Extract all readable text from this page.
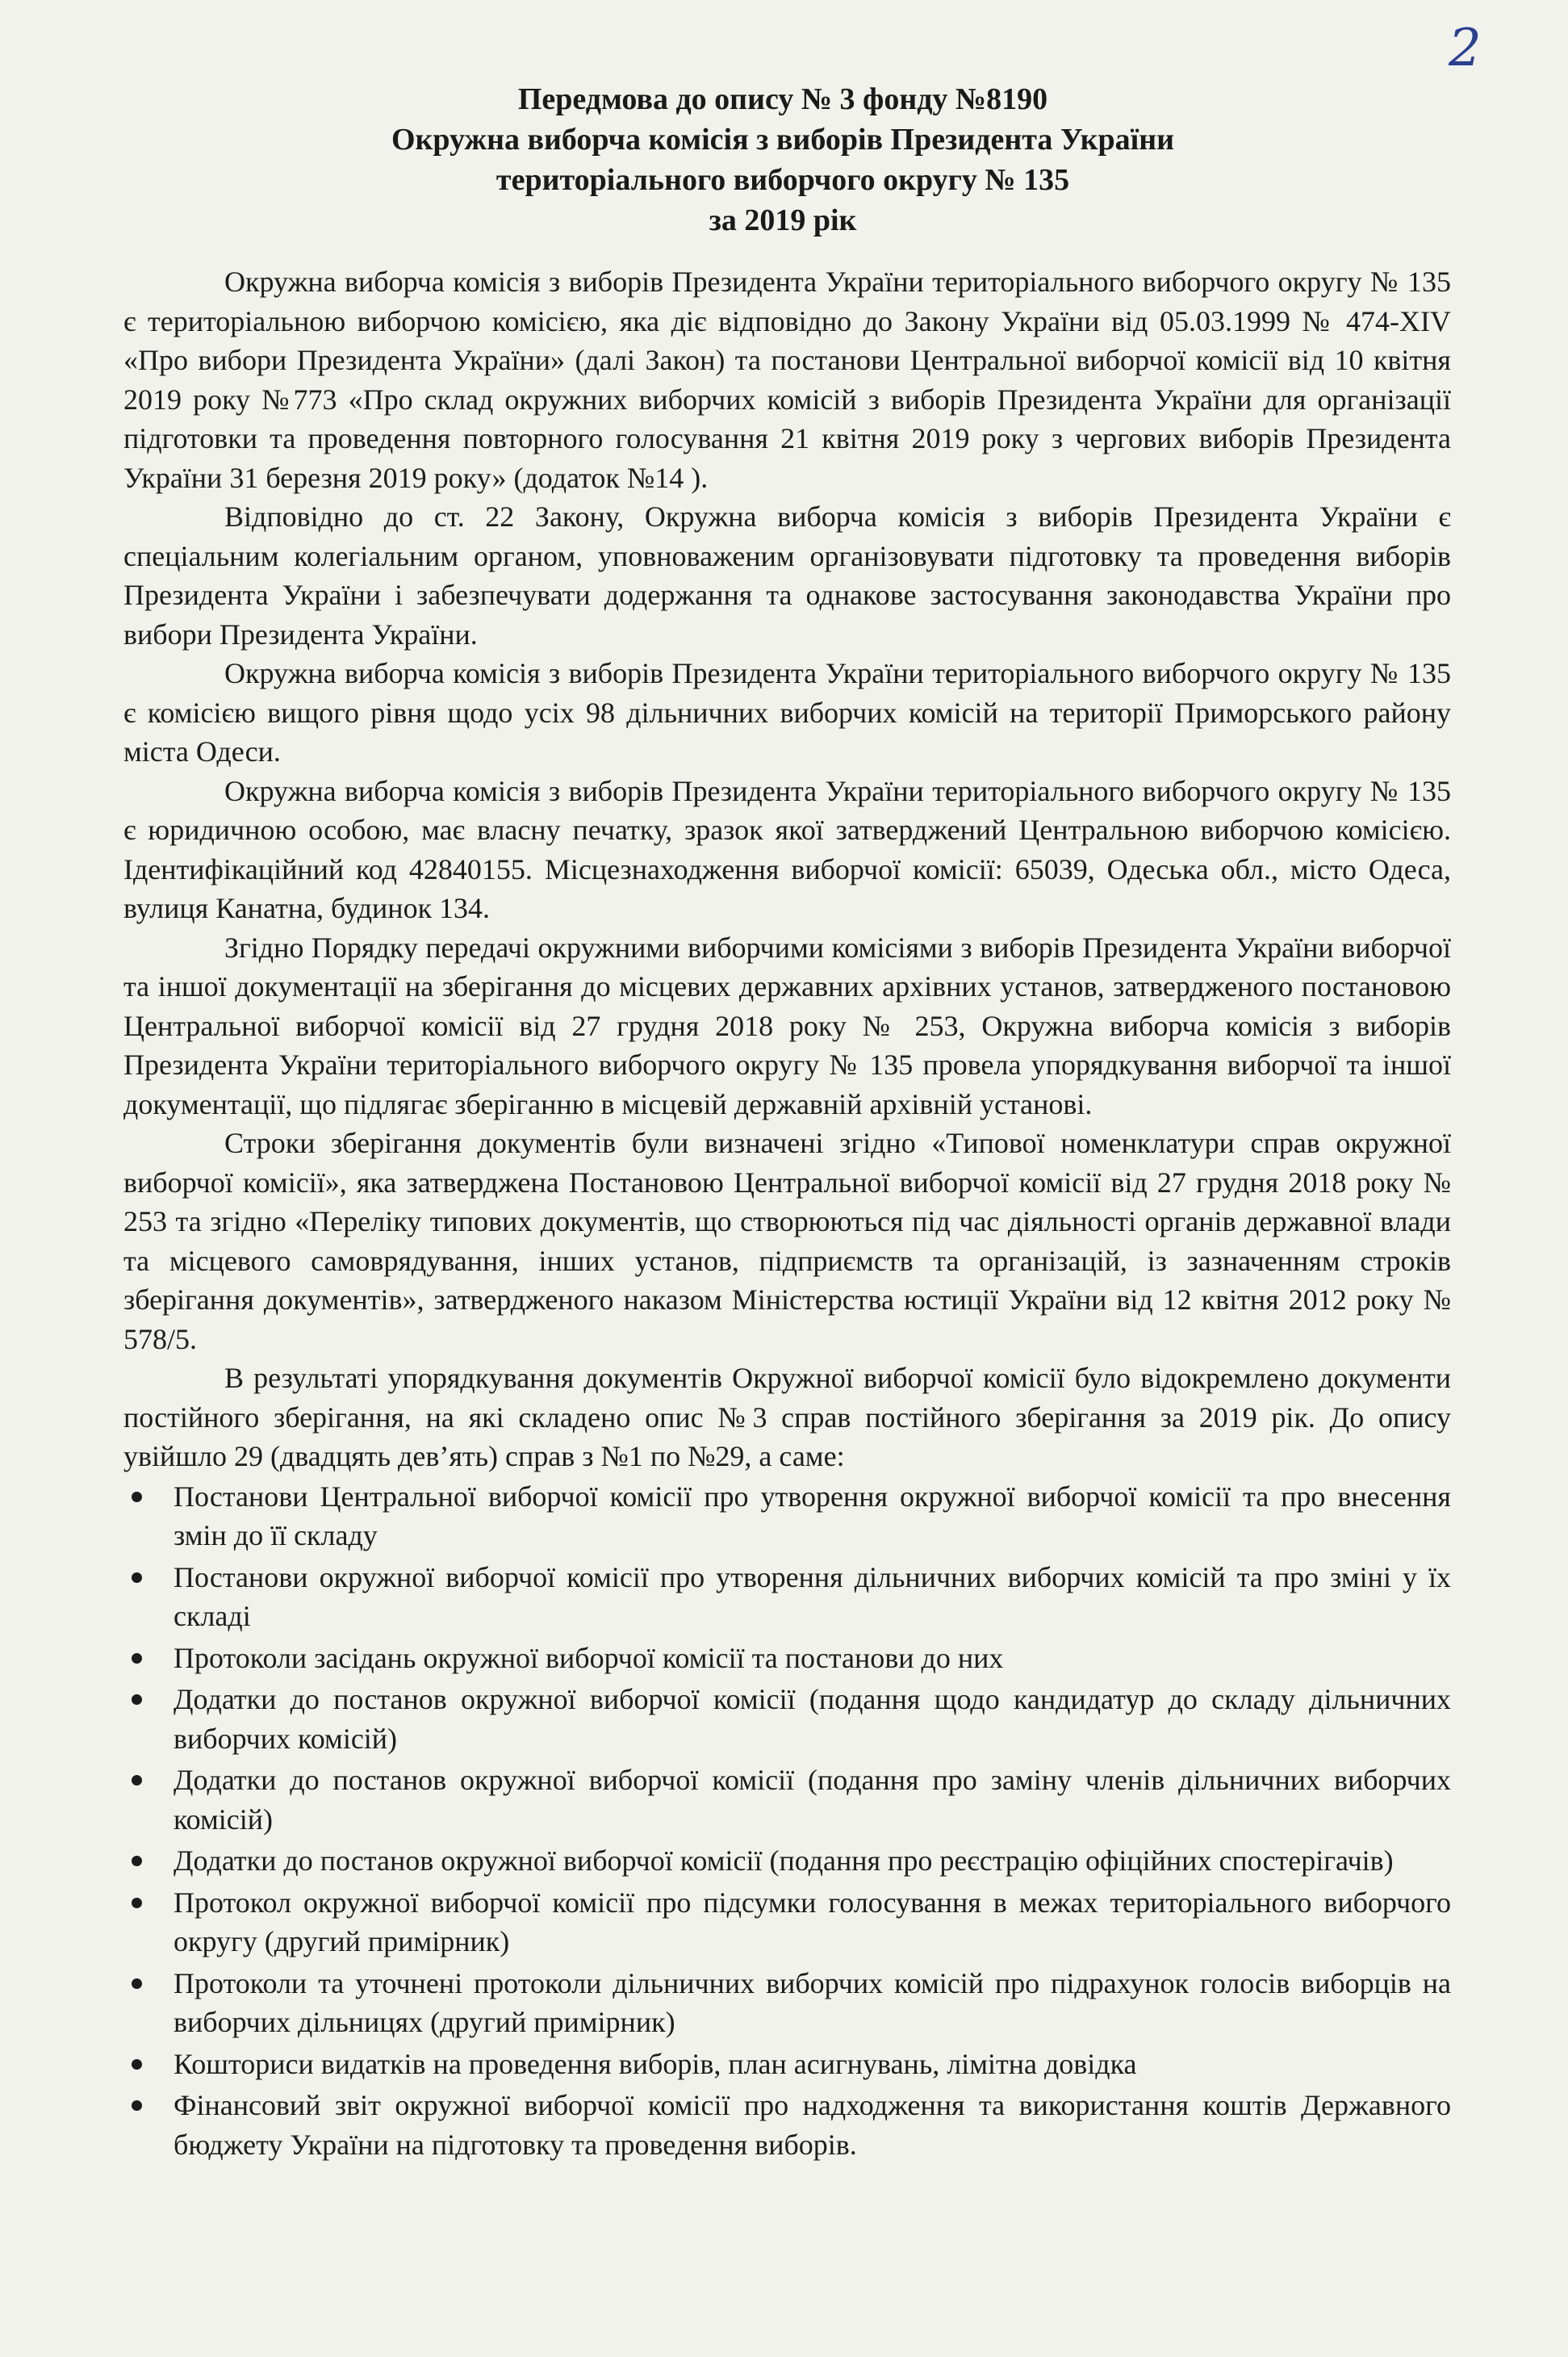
2
Передмова до опису № 3 фонду №8190
Окружна виборча комісія з виборів Президента України
територіального виборчого округу № 135
за 2019 рік

Окружна виборча комісія з виборів Президента України територіального виборчого округу № 135 є територіальною виборчою комісією, яка діє відповідно до Закону України від 05.03.1999 № 474-XIV «Про вибори Президента України» (далі Закон) та постанови Центральної виборчої комісії від 10 квітня 2019 року №773 «Про склад окружних виборчих комісій з виборів Президента України для організації підготовки та проведення повторного голосування 21 квітня 2019 року з чергових виборів Президента України 31 березня 2019 року» (додаток №14 ).

Відповідно до ст. 22 Закону, Окружна виборча комісія з виборів Президента України є спеціальним колегіальним органом, уповноваженим організовувати підготовку та проведення виборів Президента України і забезпечувати додержання та однакове застосування законодавства України про вибори Президента України.

Окружна виборча комісія з виборів Президента України територіального виборчого округу № 135 є комісією вищого рівня щодо усіх 98 дільничних виборчих комісій на території Приморського району міста Одеси.

Окружна виборча комісія з виборів Президента України територіального виборчого округу № 135 є юридичною особою, має власну печатку, зразок якої затверджений Центральною виборчою комісією. Ідентифікаційний код 42840155. Місцезнаходження виборчої комісії: 65039, Одеська обл., місто Одеса, вулиця Канатна, будинок 134.

Згідно Порядку передачі окружними виборчими комісіями з виборів Президента України виборчої та іншої документації на зберігання до місцевих державних архівних установ, затвердженого постановою Центральної виборчої комісії від 27 грудня 2018 року № 253, Окружна виборча комісія з виборів Президента України територіального виборчого округу № 135 провела упорядкування виборчої та іншої документації, що підлягає зберіганню в місцевій державній архівній установі.

Строки зберігання документів були визначені згідно «Типової номенклатури справ окружної виборчої комісії», яка затверджена Постановою Центральної виборчої комісії від 27 грудня 2018 року № 253 та згідно «Переліку типових документів, що створюються під час діяльності органів державної влади та місцевого самоврядування, інших установ, підприємств та організацій, із зазначенням строків зберігання документів», затвердженого наказом Міністерства юстиції України від 12 квітня 2012 року № 578/5.

В результаті упорядкування документів Окружної виборчої комісії було відокремлено документи постійного зберігання, на які складено опис №3 справ постійного зберігання за 2019 рік. До опису увійшло 29 (двадцять дев’ять) справ з №1 по №29, а саме:

Постанови Центральної виборчої комісії про утворення окружної виборчої комісії та про внесення змін до її складу
Постанови окружної виборчої комісії про утворення дільничних виборчих комісій та про зміні у їх складі
Протоколи засідань окружної виборчої комісії та постанови до них
Додатки до постанов окружної виборчої комісії (подання щодо кандидатур до складу дільничних виборчих комісій)
Додатки до постанов окружної виборчої комісії (подання про заміну членів дільничних виборчих комісій)
Додатки до постанов окружної виборчої комісії (подання про реєстрацію офіційних спостерігачів)
Протокол окружної виборчої комісії про підсумки голосування в межах територіального виборчого округу (другий примірник)
Протоколи та уточнені протоколи дільничних виборчих комісій про підрахунок голосів виборців на виборчих дільницях (другий примірник)
Кошториси видатків на проведення виборів, план асигнувань, лімітна довідка
Фінансовий звіт окружної виборчої комісії про надходження та використання коштів Державного бюджету України на підготовку та проведення виборів.
